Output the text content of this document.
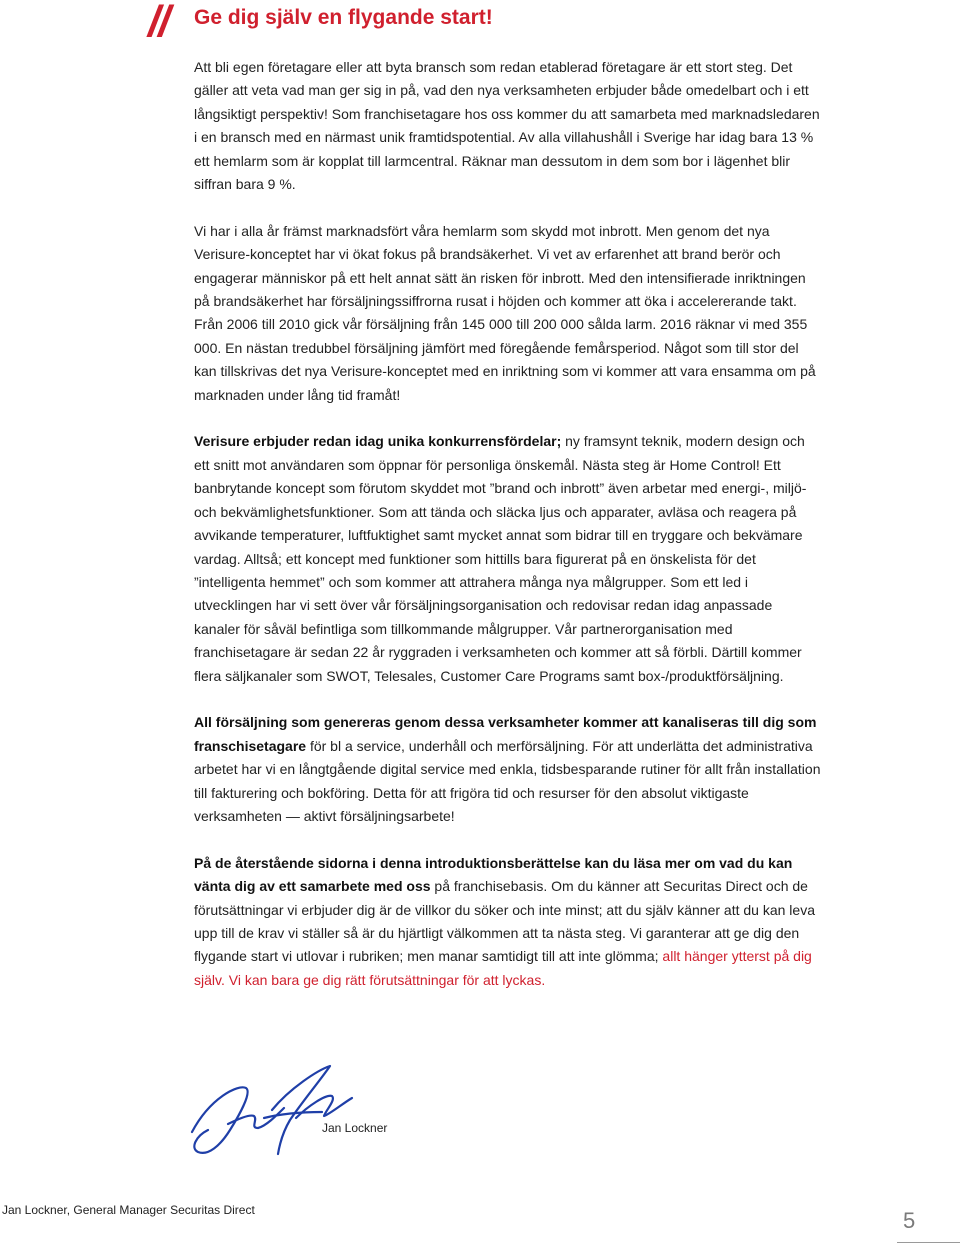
// Ge dig själv en flygande start!

Att bli egen företagare eller att byta bransch som redan etablerad företagare är ett stort steg. Det gäller att veta vad man ger sig in på, vad den nya verksamheten erbjuder både omedelbart och i ett långsiktigt perspektiv! Som franchisetagare hos oss kommer du att samarbeta med marknadsledaren i en bransch med en närmast unik framtidspotential. Av alla villahushåll i Sverige har idag bara 13 % ett hemlarm som är kopplat till larmcentral. Räknar man dessutom in dem som bor i lägenhet blir siffran bara 9 %.

Vi har i alla år främst marknadsfört våra hemlarm som skydd mot inbrott. Men genom det nya Verisure-konceptet har vi ökat fokus på brandsäkerhet. Vi vet av erfarenhet att brand berör och engagerar människor på ett helt annat sätt än risken för inbrott. Med den intensifierade inriktningen på brandsäkerhet har försäljningssiffrorna rusat i höjden och kommer att öka i accelererande takt. Från 2006 till 2010 gick vår försäljning från 145 000 till 200 000 sålda larm. 2016 räknar vi med 355 000. En nästan tredubbel försäljning jämfört med föregående femårsperiod. Något som till stor del kan tillskrivas det nya Verisure-konceptet med en inriktning som vi kommer att vara ensamma om på marknaden under lång tid framåt!

Verisure erbjuder redan idag unika konkurrensfördelar; ny framsynt teknik, modern design och ett snitt mot användaren som öppnar för personliga önskemål. Nästa steg är Home Control! Ett banbrytande koncept som förutom skyddet mot ”brand och inbrott” även arbetar med energi-, miljö- och bekvämlighetsfunktioner. Som att tända och släcka ljus och apparater, avläsa och reagera på avvikande temperaturer, luftfuktighet samt mycket annat som bidrar till en tryggare och bekvämare vardag. Alltså; ett koncept med funktioner som hittills bara figurerat på en önskelista för det ”intelligenta hemmet” och som kommer att attrahera många nya målgrupper. Som ett led i utvecklingen har vi sett över vår försäljningsorganisation och redovisar redan idag anpassade kanaler för såväl befintliga som tillkommande målgrupper. Vår partnerorganisation med franchisetagare är sedan 22 år ryggraden i verksamheten och kommer att så förbli. Därtill kommer flera säljkanaler som SWOT, Telesales, Customer Care Programs samt box-/produktförsäljning.

All försäljning som genereras genom dessa verksamheter kommer att kanaliseras till dig som franschisetagare för bl a service, underhåll och merförsäljning. För att underlätta det administrativa arbetet har vi en långtgående digital service med enkla, tidsbesparande rutiner för allt från installation till fakturering och bokföring. Detta för att frigöra tid och resurser för den absolut viktigaste verksamheten — aktivt försäljningsarbete!

På de återstående sidorna i denna introduktionsberättelse kan du läsa mer om vad du kan vänta dig av ett samarbete med oss på franchisebasis. Om du känner att Securitas Direct och de förutsättningar vi erbjuder dig är de villkor du söker och inte minst; att du själv känner att du kan leva upp till de krav vi ställer så är du hjärtligt välkommen att ta nästa steg. Vi garanterar att ge dig den flygande start vi utlovar i rubriken; men manar samtidigt till att inte glömma; allt hänger ytterst på dig själv. Vi kan bara ge dig rätt förutsättningar för att lyckas.

Jan Lockner
Jan Lockner, General Manager Securitas Direct	5
